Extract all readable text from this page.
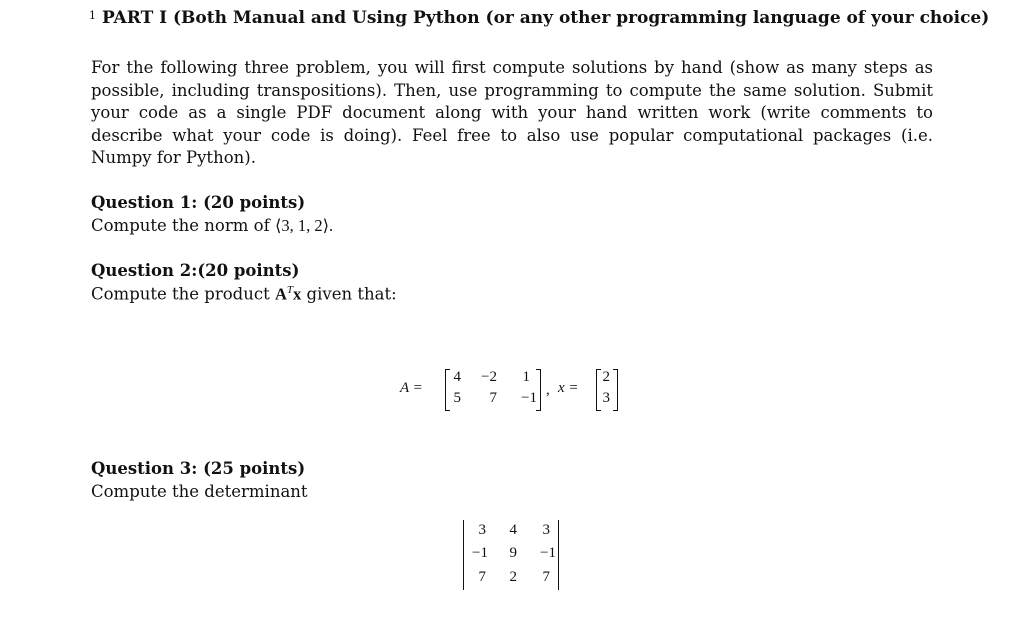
$^1$ PART I (Both Manual and Using Python (or any other programming language of your choice)
For the following three problem, you will first compute solutions by hand (show as many steps as possible, including transpositions). Then, use programming to compute the same solution. Submit your code as a single PDF document along with your hand written work (write comments to describe what your code is doing). Feel free to also use popular computational packages (i.e. Numpy for Python).
Question 1: (20 points)
Compute the norm of ⟨3, 1, 2⟩.
Question 2:(20 points)
Compute the product $A^Tx$ given that:
A =
4	−2	1
5	7	−1 , x =
2
3
Question 3: (25 points)
Compute the determinant
3	4	3
−1	9	−1
7	2	7
